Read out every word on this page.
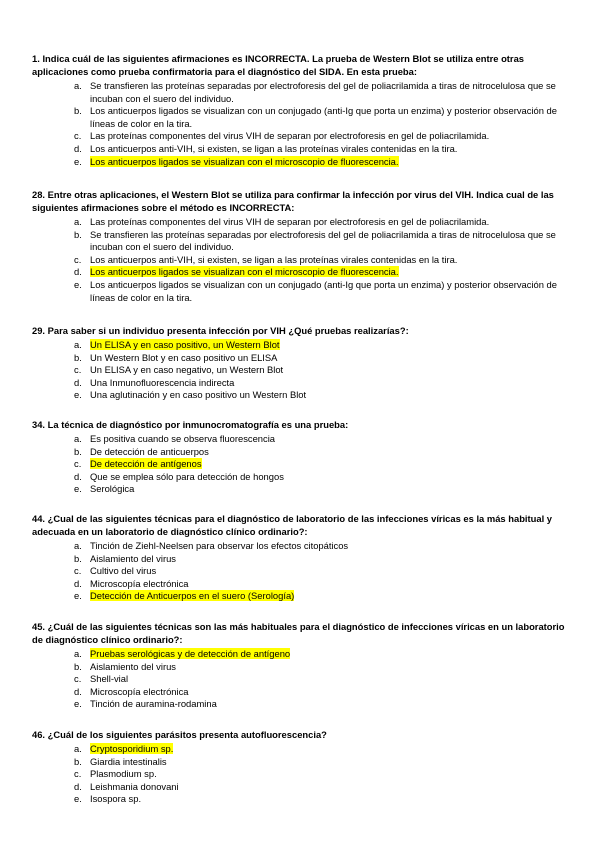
1. Indica cuál de las siguientes afirmaciones es INCORRECTA. La prueba de Western Blot se utiliza entre otras aplicaciones como prueba confirmatoria para el diagnóstico del SIDA. En esta prueba:

a. Se transfieren las proteínas separadas por electroforesis del gel de poliacrilamida a tiras de nitrocelulosa que se incuban con el suero del individuo.
b. Los anticuerpos ligados se visualizan con un conjugado (anti-Ig que porta un enzima) y posterior observación de líneas de color en la tira.
c. Las proteínas componentes del virus VIH de separan por electroforesis en gel de poliacrilamida.
d. Los anticuerpos anti-VIH, si existen, se ligan a las proteínas virales contenidas en la tira.
e. Los anticuerpos ligados se visualizan con el microscopio de fluorescencia.

28. Entre otras aplicaciones, el Western Blot se utiliza para confirmar la infección por virus del VIH. Indica cual de las siguientes afirmaciones sobre el método es INCORRECTA:

a. Las proteínas componentes del virus VIH de separan por electroforesis en gel de poliacrilamida.
b. Se transfieren las proteínas separadas por electroforesis del gel de poliacrilamida a tiras de nitrocelulosa que se incuban con el suero del individuo.
c. Los anticuerpos anti-VIH, si existen, se ligan a las proteínas virales contenidas en la tira.
d. Los anticuerpos ligados se visualizan con el microscopio de fluorescencia.
e. Los anticuerpos ligados se visualizan con un conjugado (anti-Ig que porta un enzima) y posterior observación de líneas de color en la tira.

29. Para saber si un individuo presenta infección por VIH ¿Qué pruebas realizarías?:

a. Un ELISA y en caso positivo, un Western Blot
b. Un Western Blot y en caso positivo un ELISA
c. Un ELISA y en caso negativo, un Western Blot
d. Una Inmunofluorescencia indirecta
e. Una aglutinación y en caso positivo un Western Blot

34. La técnica de diagnóstico por inmunocromatografía es una prueba:

a. Es positiva cuando se observa fluorescencia
b. De detección de anticuerpos
c. De detección de antígenos
d. Que se emplea sólo para detección de hongos
e. Serológica

44. ¿Cual de las siguientes técnicas para el diagnóstico de laboratorio de las infecciones víricas es la más habitual y adecuada en un laboratorio de diagnóstico clínico ordinario?:

a. Tinción de Ziehl-Neelsen para observar los efectos citopáticos
b. Aislamiento del virus
c. Cultivo del virus
d. Microscopía electrónica
e. Detección de Anticuerpos en el suero (Serología)

45. ¿Cuál de las siguientes técnicas son las más habituales para el diagnóstico de infecciones víricas en un laboratorio de diagnóstico clínico ordinario?:

a. Pruebas serológicas y de detección de antígeno
b. Aislamiento del virus
c. Shell-vial
d. Microscopía electrónica
e. Tinción de auramina-rodamina

46. ¿Cuál de los siguientes parásitos presenta autofluorescencia?

a. Cryptosporidium sp.
b. Giardia intestinalis
c. Plasmodium sp.
d. Leishmania donovani
e. Isospora sp.
